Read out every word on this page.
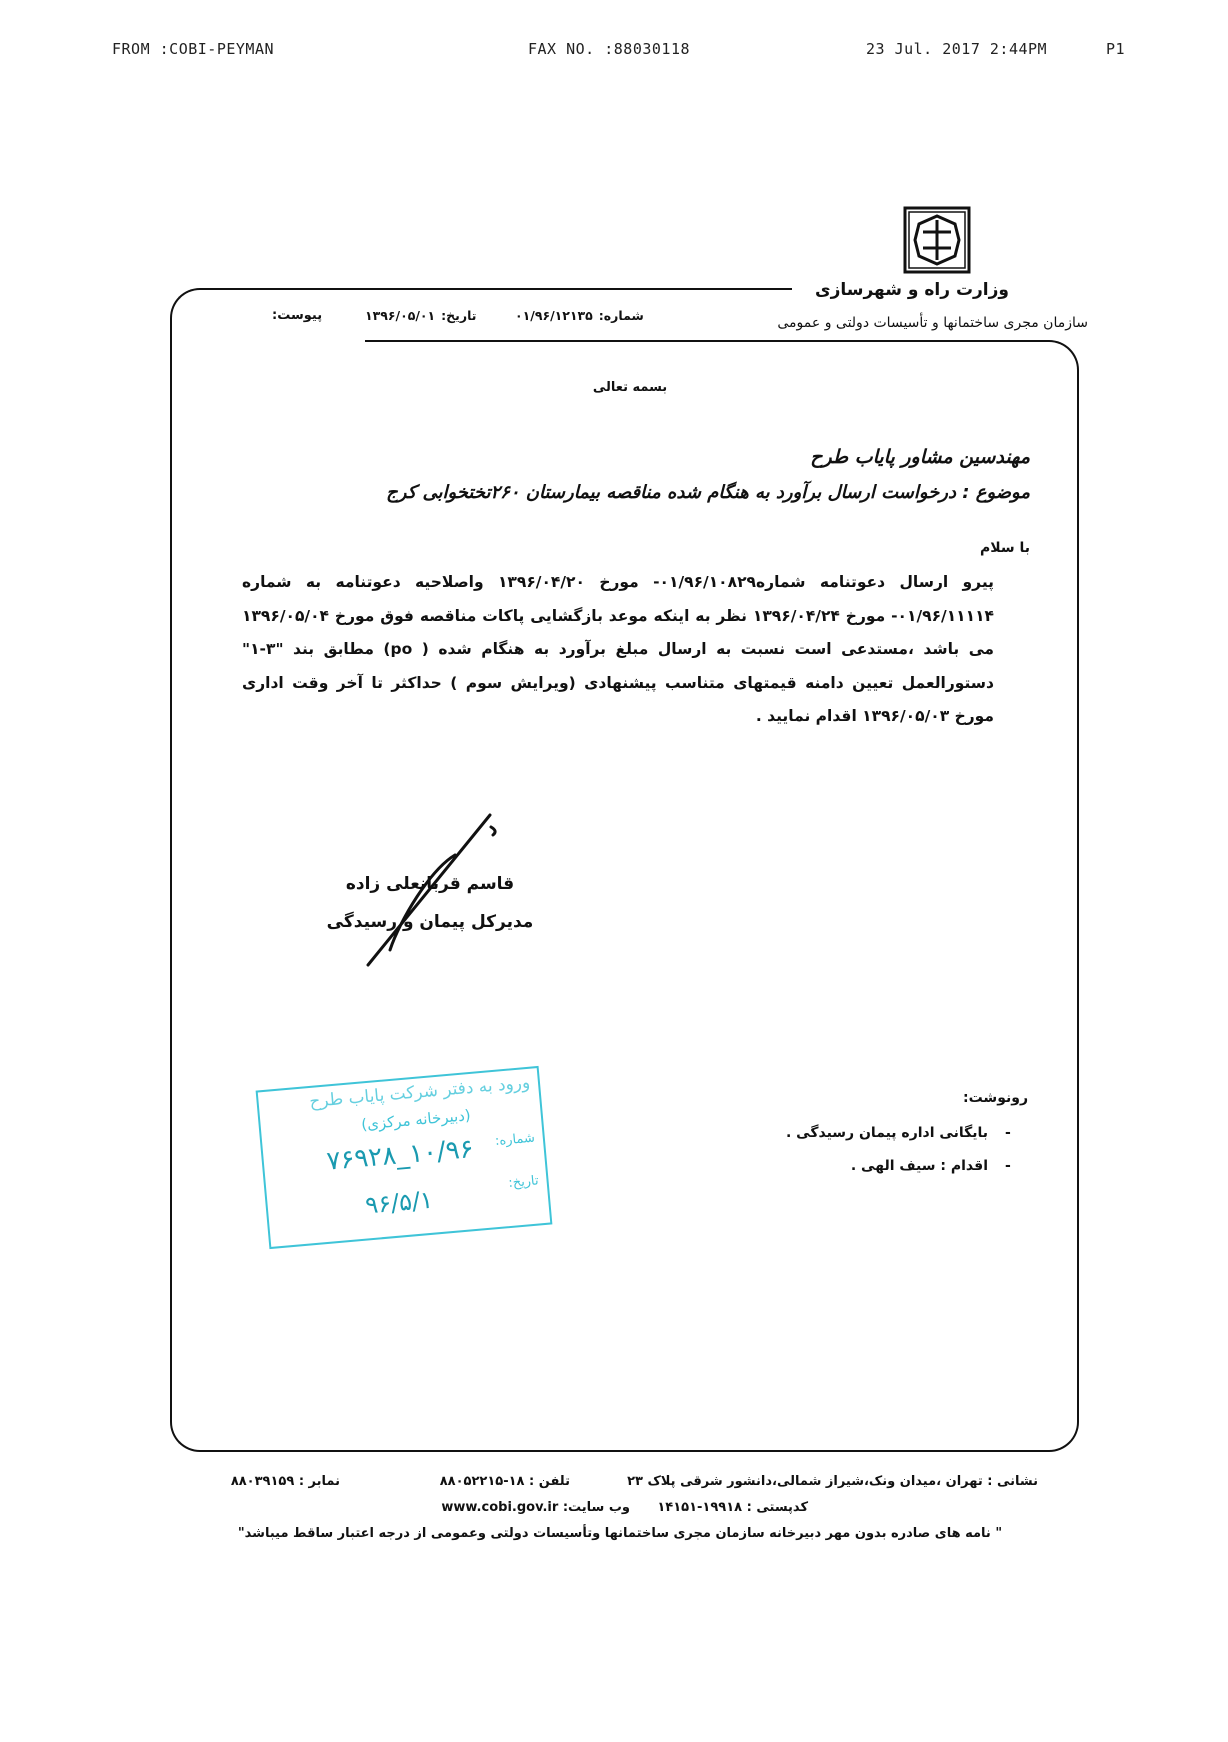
FROM :COBI-PEYMAN	FAX NO. :88030118	23 Jul. 2017 2:44PM	P1
وزارت راه و شهرسازی
سازمان مجری ساختمانها و تأسیسات دولتی و عمومی
شماره:
۰۱/۹۶/۱۲۱۳۵
تاریخ:
۱۳۹۶/۰۵/۰۱
پیوست:
بسمه تعالی
مهندسین مشاور پایاب طرح
موضوع : درخواست ارسال برآورد به هنگام شده مناقصه بیمارستان ۲۶۰تختخوابی کرج
با سلام
پیرو ارسال دعوتنامه شماره۰۱/۹۶/۱۰۸۲۹- مورخ ۱۳۹۶/۰۴/۲۰ واصلاحیه دعوتنامه به شماره ۰۱/۹۶/۱۱۱۱۴- مورخ ۱۳۹۶/۰۴/۲۴ نظر به اینکه موعد بازگشایی پاکات مناقصه فوق مورخ ۱۳۹۶/۰۵/۰۴ می باشد ،مستدعی است نسبت به ارسال مبلغ برآورد به هنگام شده ( po) مطابق بند "۳-۱" دستورالعمل تعیین دامنه قیمتهای متناسب پیشنهادی (ویرایش سوم ) حداکثر تا آخر وقت اداری مورخ ۱۳۹۶/۰۵/۰۳ اقدام نمایید .
قاسم قربانعلی زاده
مدیرکل پیمان و رسیدگی
رونوشت:
بایگانی اداره پیمان رسیدگی . -
اقدام : سیف الهی . -
ورود به دفتر شرکت پایاب طرح
(دبیرخانه مرکزی)
شماره:
۱۰/۹۶_۷۶۹۲۸
تاریخ:
۹۶/۵/۱
نشانی : تهران ،میدان ونک،شیراز شمالی،دانشور شرقی پلاک ۲۳
تلفن : ۱۸-۸۸۰۵۲۲۱۵
نمابر : ۸۸۰۳۹۱۵۹
کدپستی : ۱۹۹۱۸-۱۴۱۵۱
وب سایت: www.cobi.gov.ir
" نامه های صادره بدون مهر دبیرخانه سازمان مجری ساختمانها وتأسیسات دولتی وعمومی از درجه اعتبار ساقط میباشد"
